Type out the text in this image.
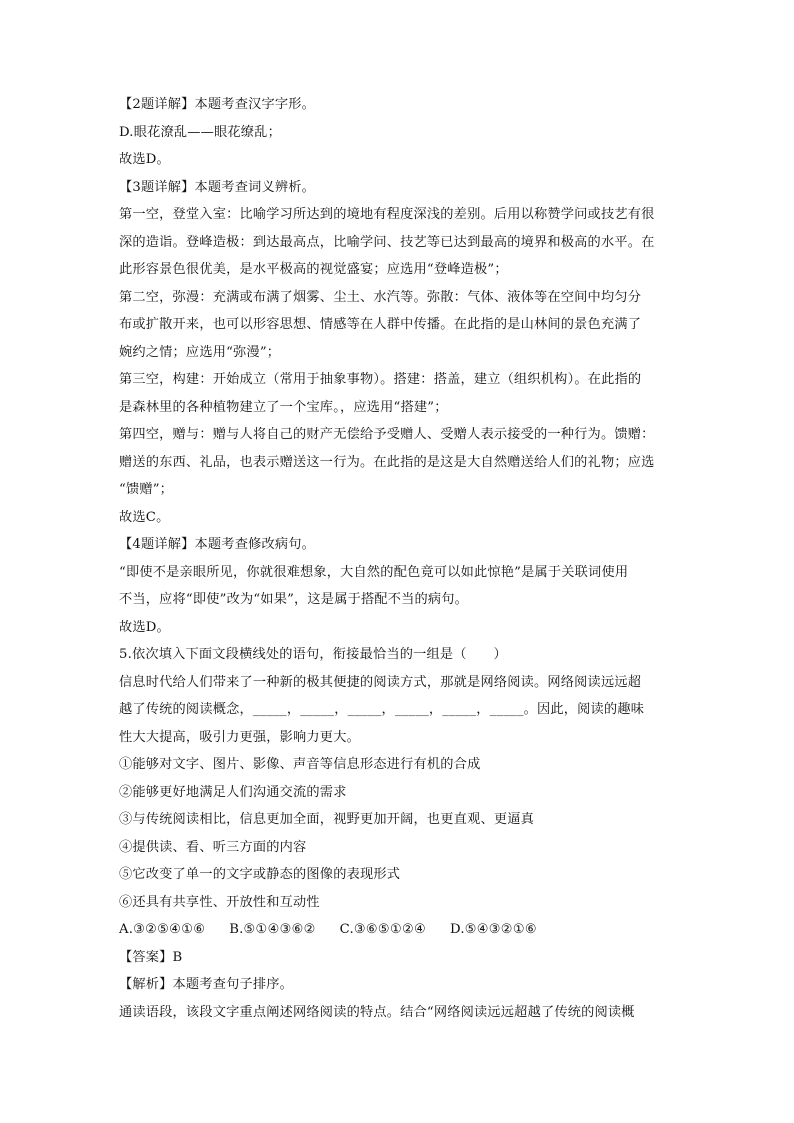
【2题详解】本题考查汉字字形。
D.眼花潦乱——眼花缭乱；
故选D。
【3题详解】本题考查词义辨析。
第一空，登堂入室：比喻学习所达到的境地有程度深浅的差别。后用以称赞学问或技艺有很
深的造诣。登峰造极：到达最高点，比喻学问、技艺等已达到最高的境界和极高的水平。在
此形容景色很优美，是水平极高的视觉盛宴；应选用“登峰造极”；
第二空，弥漫：充满或布满了烟雾、尘土、水汽等。弥散：气体、液体等在空间中均匀分
布或扩散开来，也可以形容思想、情感等在人群中传播。在此指的是山林间的景色充满了
婉约之情；应选用“弥漫”；
第三空，构建：开始成立（常用于抽象事物）。搭建：搭盖，建立（组织机构）。在此指的
是森林里的各种植物建立了一个宝库。，应选用“搭建”；
第四空，赠与：赠与人将自己的财产无偿给予受赠人、受赠人表示接受的一种行为。馈赠：
赠送的东西、礼品，也表示赠送这一行为。在此指的是这是大自然赠送给人们的礼物；应选
“馈赠”；
故选C。
【4题详解】本题考查修改病句。
“即使不是亲眼所见，你就很难想象，大自然的配色竟可以如此惊艳”是属于关联词使用
不当，应将“即使”改为“如果”，这是属于搭配不当的病句。
故选D。
5.依次填入下面文段横线处的语句，衔接最恰当的一组是（　　）
信息时代给人们带来了一种新的极其便捷的阅读方式，那就是网络阅读。网络阅读远远超
越了传统的阅读概念，_____，_____，_____，_____，_____，_____。因此，阅读的趣味
性大大提高，吸引力更强，影响力更大。
①能够对文字、图片、影像、声音等信息形态进行有机的合成
②能够更好地满足人们沟通交流的需求
③与传统阅读相比，信息更加全面，视野更加开阔，也更直观、更逼真
④提供读、看、听三方面的内容
⑤它改变了单一的文字或静态的图像的表现形式
⑥还具有共享性、开放性和互动性
A.③②⑤④①⑥ B.⑤①④③⑥② C.③⑥⑤①②④ D.⑤④③②①⑥
【答案】B
【解析】本题考查句子排序。
通读语段，该段文字重点阐述网络阅读的特点。结合“网络阅读远远超越了传统的阅读概
